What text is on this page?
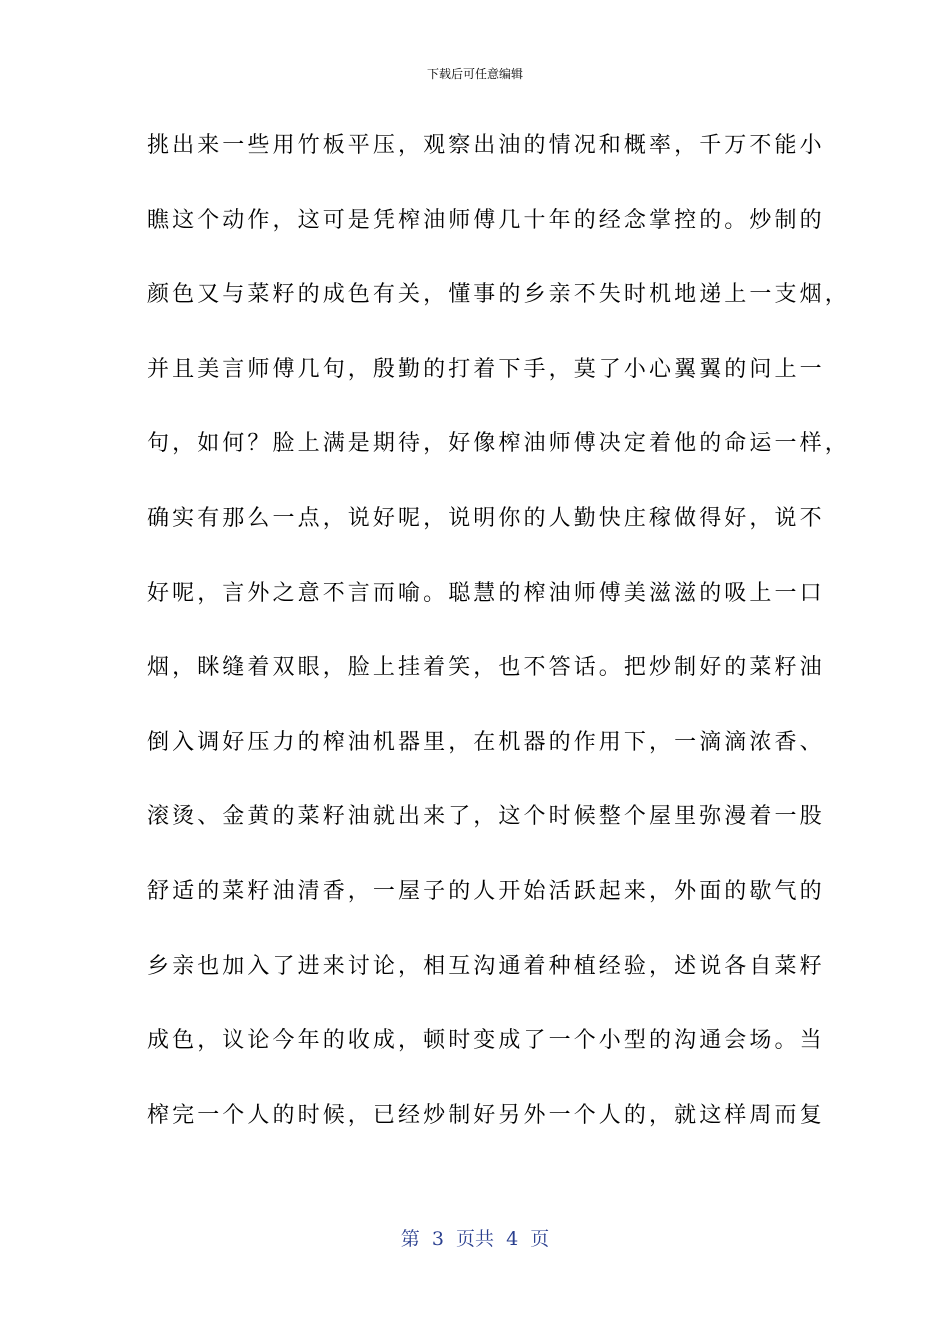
下载后可任意编辑
挑出来一些用竹板平压，观察出油的情况和概率，千万不能小
瞧这个动作，这可是凭榨油师傅几十年的经念掌控的。炒制的
颜色又与菜籽的成色有关，懂事的乡亲不失时机地递上一支烟，
并且美言师傅几句，殷勤的打着下手，莫了小心翼翼的问上一
句，如何？脸上满是期待，好像榨油师傅决定着他的命运一样，
确实有那么一点，说好呢，说明你的人勤快庄稼做得好，说不
好呢，言外之意不言而喻。聪慧的榨油师傅美滋滋的吸上一口
烟，眯缝着双眼，脸上挂着笑，也不答话。把炒制好的菜籽油
倒入调好压力的榨油机器里，在机器的作用下，一滴滴浓香、
滚烫、金黄的菜籽油就出来了，这个时候整个屋里弥漫着一股
舒适的菜籽油清香，一屋子的人开始活跃起来，外面的歇气的
乡亲也加入了进来讨论，相互沟通着种植经验，述说各自菜籽
成色，议论今年的收成，顿时变成了一个小型的沟通会场。当
榨完一个人的时候，已经炒制好另外一个人的，就这样周而复
第  3  页共  4  页
